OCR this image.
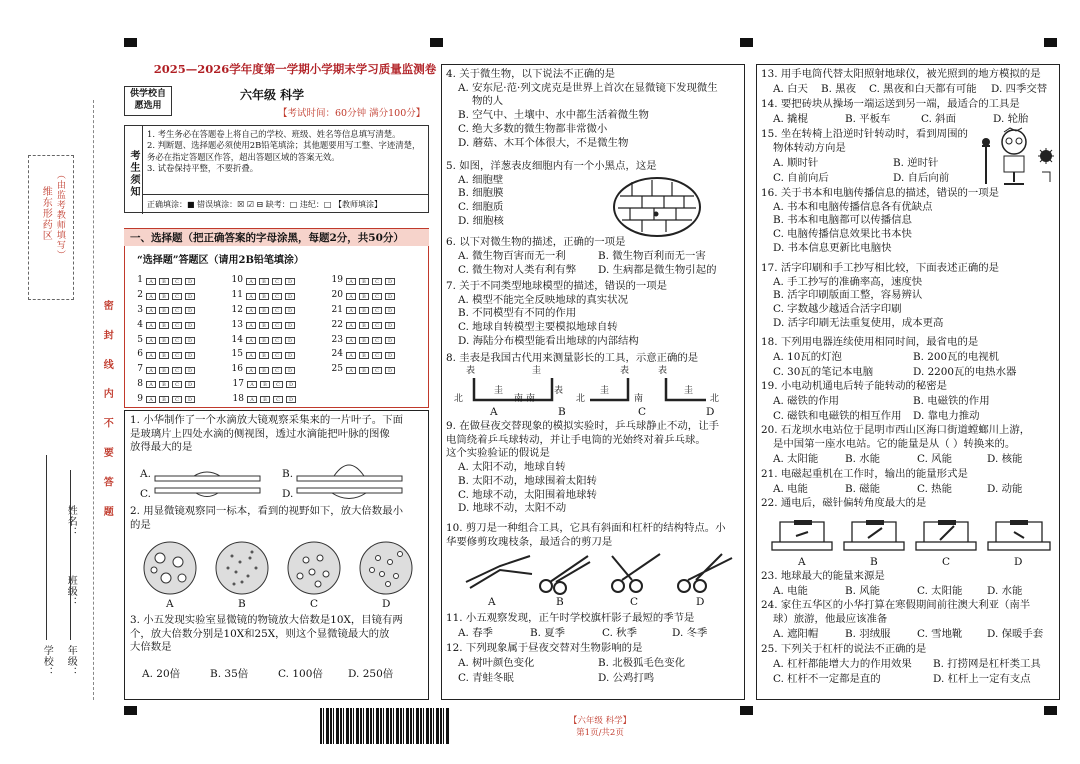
维东形药区 （由监考教师填写）
密 封 线 内 不 要 答 题
学校： 年级：
班级：
姓名：
2025—2026学年度第一学期小学期末学习质量监测卷
供学校自愿选用
六年级 科学
【考试时间：60分钟 满分100分】
考生须知
1. 考生务必在答题卷上将自己的学校、班级、姓名等信息填写清楚。
2. 判断题、选择题必须使用2B铅笔填涂；其他题要用写工整、字迹清楚，务必在指定答题区作答，超出答题区域的答案无效。
3. 试卷保持平整，不要折叠。
正确填涂：■ 错误填涂：☒ ☑ ⊟ 缺考：□ 违纪：□ 【教师填涂】
一、选择题（把正确答案的字母涂黑，每题2分，共50分）
“选择题”答题区（请用2B铅笔填涂）
1	A	B	C	D	10	A	B	C	D	19	A	B	C	D
2	A	B	C	D	11	A	B	C	D	20	A	B	C	D
3	A	B	C	D	12	A	B	C	D	21	A	B	C	D
4	A	B	C	D	13	A	B	C	D	22	A	B	C	D
5	A	B	C	D	14	A	B	C	D	23	A	B	C	D
6	A	B	C	D	15	A	B	C	D	24	A	B	C	D
7	A	B	C	D	16	A	B	C	D	25	A	B	C	D
8	A	B	C	D	17	A	B	C	D
9	A	B	C	D	18	A	B	C	D

1. 小华制作了一个水滴放大镜观察采集来的一片叶子。下面

是玻璃片上四处水滴的侧视图，透过水滴能把叶脉的图像

放得最大的是

A.	B.
C.	D.

2. 用显微镜观察同一标本，看到的视野如下，放大倍数最小

的是

A	B	C	D

3. 小五发现实验室显微镜的物镜放大倍数是10X，目镜有两

个，放大倍数分别是10X和25X，则这个显微镜最大的放

大倍数是

A. 20倍	B. 35倍	C. 100倍 D. 250倍

4. 关于微生物，以下说法不正确的是

A. 安东尼·范·列文虎克是世界上首次在显微镜下发现微生

物的人

B. 空气中、土壤中、水中都生活着微生物

C. 绝大多数的微生物都非常微小

D. 蘑菇、木耳个体很大，不是微生物

5. 如图，洋葱表皮细胞内有一个小黑点，这是

A. 细胞壁

B. 细胞膜

C. 细胞质

D. 细胞核

6. 以下对微生物的描述，正确的一项是

A. 微生物百害而无一利	B. 微生物百利而无一害
C. 微生物对人类有利有弊 D. 生病都是微生物引起的

7. 关于不同类型地球模型的描述，错误的一项是

A. 模型不能完全反映地球的真实状况

B. 不同模型有不同的作用

C. 地球自转模型主要模拟地球自转

D. 海陆分布模型能看出地球的内部结构

8. 圭表是我国古代用来测量影长的工具，示意正确的是

表
圭
北	南
表
圭
南	北
表
圭
南
表
圭
北
A	B	C	D

9. 在做昼夜交替现象的模拟实验时，乒乓球静止不动，让手

电筒绕着乒乓球转动，并让手电筒的光始终对着乒乓球。

这个实验验证的假说是

A. 太阳不动，地球自转

B. 太阳不动，地球围着太阳转

C. 地球不动，太阳围着地球转

D. 地球不动，太阳不动

10. 剪刀是一种组合工具，它具有斜面和杠杆的结构特点。小

华要修剪玫瑰枝条，最适合的剪刀是

A	B	C	D

11. 小五观察发现，正午时学校旗杆影子最短的季节是

A. 春季	B. 夏季	C. 秋季	D. 冬季

12. 下列现象属于昼夜交替对生物影响的是

A. 树叶颜色变化	B. 北极狐毛色变化
C. 青蛙冬眠	D. 公鸡打鸣

13. 用手电筒代替太阳照射地球仪，被光照到的地方模拟的是

A. 白天 B. 黑夜 C. 黑夜和白天都有可能 D. 四季交替

14. 要把砖块从操场一端运送到另一端，最适合的工具是

A. 撬棍	B. 平板车	C. 斜面	D. 轮胎

15. 坐在转椅上沿逆时针转动时，看到周围的

物体转动方向是

A. 顺时针	B. 逆时针
C. 自前向后	D. 自后向前

16. 关于书本和电脑传播信息的描述，错误的一项是

A. 书本和电脑传播信息各有优缺点

B. 书本和电脑都可以传播信息

C. 电脑传播信息效果比书本快

D. 书本信息更新比电脑快

17. 活字印刷和手工抄写相比较，下面表述正确的是

A. 手工抄写的准确率高，速度快

B. 活字印刷版面工整，容易辨认

C. 字数越少越适合活字印刷

D. 活字印刷无法重复使用，成本更高

18. 下列用电器连续使用相同时间，最省电的是

A. 10瓦的灯泡	B. 200瓦的电视机
C. 30瓦的笔记本电脑	D. 2200瓦的电热水器

19. 小电动机通电后转子能转动的秘密是

A. 磁铁的作用	B. 电磁铁的作用
C. 磁铁和电磁铁的相互作用 D. 靠电力推动

20. 石龙坝水电站位于昆明市西山区海口街道螳螂川上游，

是中国第一座水电站。它的能量是从（ ）转换来的。

A. 太阳能	B. 水能	C. 风能	D. 核能

21. 电磁起重机在工作时，输出的能量形式是

A. 电能	B. 磁能	C. 热能	D. 动能

22. 通电后，磁针偏转角度最大的是

A	B	C	D

23. 地球最大的能量来源是

A. 电能	B. 风能	C. 太阳能 D. 水能

24. 家住五华区的小华打算在寒假期间前往澳大利亚（南半

球）旅游，他最应该准备

A. 遮阳帽	B. 羽绒服	C. 雪地靴 D. 保暖手套

25. 下列关于杠杆的说法不正确的是

A. 杠杆都能增大力的作用效果 B. 打捞网是杠杆类工具
C. 杠杆不一定都是直的	D. 杠杆上一定有支点
【六年级 科学】
第1页/共2页
